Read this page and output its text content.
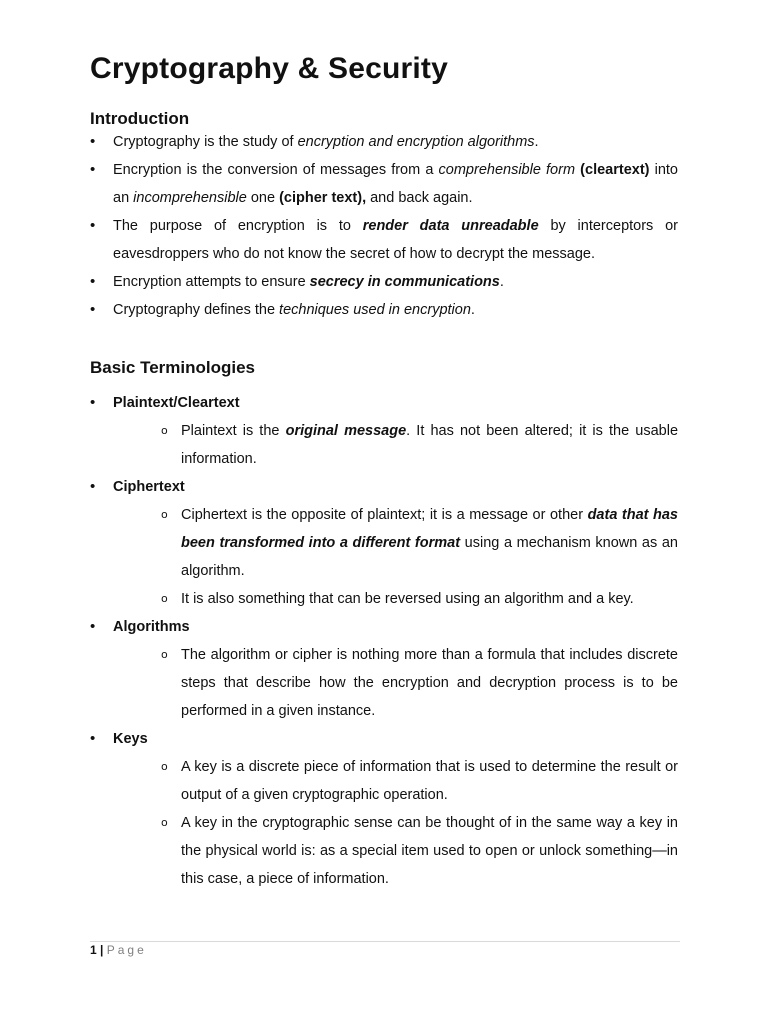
Cryptography & Security
Introduction
• Cryptography is the study of encryption and encryption algorithms.
• Encryption is the conversion of messages from a comprehensible form (cleartext) into an incomprehensible one (cipher text), and back again.
• The purpose of encryption is to render data unreadable by interceptors or eavesdroppers who do not know the secret of how to decrypt the message.
• Encryption attempts to ensure secrecy in communications.
• Cryptography defines the techniques used in encryption.
Basic Terminologies
• Plaintext/Cleartext
o Plaintext is the original message. It has not been altered; it is the usable information.
• Ciphertext
o Ciphertext is the opposite of plaintext; it is a message or other data that has been transformed into a different format using a mechanism known as an algorithm.
o It is also something that can be reversed using an algorithm and a key.
• Algorithms
o The algorithm or cipher is nothing more than a formula that includes discrete steps that describe how the encryption and decryption process is to be performed in a given instance.
• Keys
o A key is a discrete piece of information that is used to determine the result or output of a given cryptographic operation.
o A key in the cryptographic sense can be thought of in the same way a key in the physical world is: as a special item used to open or unlock something—in this case, a piece of information.
1 | Page
